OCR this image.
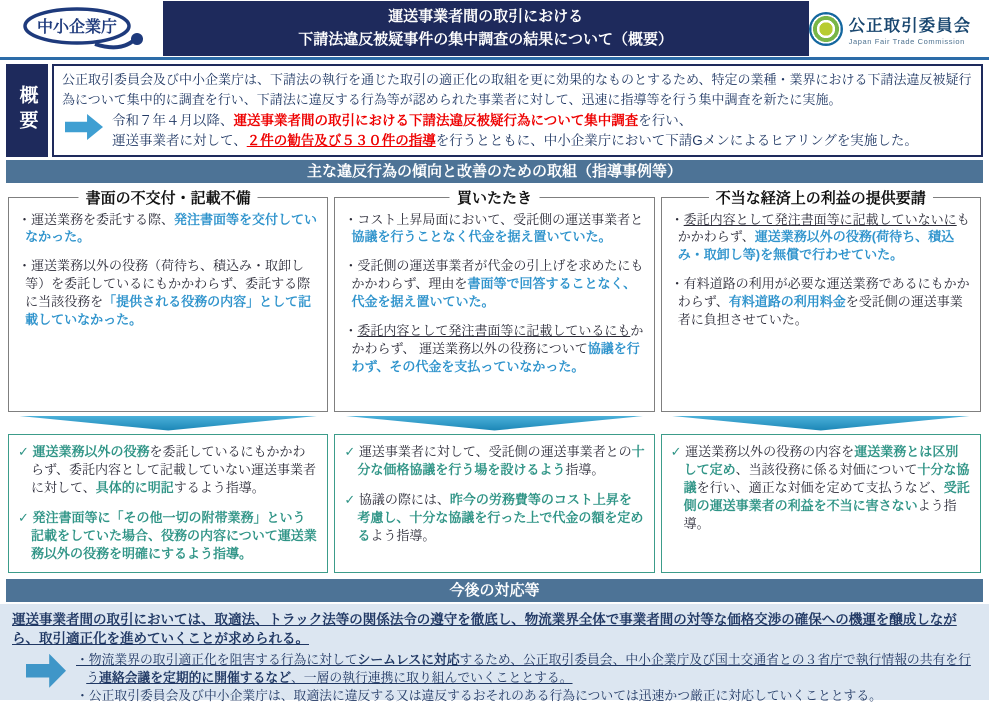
中小企業庁
運送事業者間の取引における
下請法違反被疑事件の集中調査の結果について（概要）
公正取引委員会
Japan Fair Trade Commission
概要

公正取引委員会及び中小企業庁は、下請法の執行を通じた取引の適正化の取組を更に効果的なものとするため、特定の業種・業界における下請法違反被疑行為について集中的に調査を行い、下請法に違反する行為等が認められた事業者に対して、迅速に指導等を行う集中調査を新たに実施。

令和７年４月以降、運送事業者間の取引における下請法違反被疑行為について集中調査を行い、

運送事業者に対して、２件の勧告及び５３０件の指導を行うとともに、中小企業庁において下請Gメンによるヒアリングを実施した。

主な違反行為の傾向と改善のための取組（指導事例等）
書面の不交付・記載不備

・運送業務を委託する際、発注書面等を交付していなかった。

・運送業務以外の役務（荷待ち、積込み・取卸し等）を委託しているにもかかわらず、委託する際に当該役務を「提供される役務の内容」として記載していなかった。

買いたたき

・コスト上昇局面において、受託側の運送事業者と協議を行うことなく代金を据え置いていた。

・受託側の運送事業者が代金の引上げを求めたにもかかわらず、理由を書面等で回答することなく、代金を据え置いていた。

・委託内容として発注書面等に記載しているにもかかわらず、 運送業務以外の役務について協議を行わず、その代金を支払っていなかった。

不当な経済上の利益の提供要請

・委託内容として発注書面等に記載していないにもかかわらず、運送業務以外の役務(荷待ち、積込み・取卸し等)を無償で行わせていた。

・有料道路の利用が必要な運送業務であるにもかかわらず、有料道路の利用料金を受託側の運送事業者に負担させていた。

✓ 運送業務以外の役務を委託しているにもかかわらず、委託内容として記載していない運送事業者に対して、具体的に明記するよう指導。

✓ 発注書面等に「その他一切の附帯業務」という記載をしていた場合、役務の内容について運送業務以外の役務を明確にするよう指導。

✓ 運送事業者に対して、受託側の運送事業者との十分な価格協議を行う場を設けるよう指導。

✓ 協議の際には、昨今の労務費等のコスト上昇を考慮し、十分な協議を行った上で代金の額を定めるよう指導。

✓ 運送業務以外の役務の内容を運送業務とは区別して定め、当該役務に係る対価について十分な協議を行い、適正な対価を定めて支払うなど、受託側の運送事業者の利益を不当に害さないよう指導。

今後の対応等

運送事業者間の取引においては、取適法、トラック法等の関係法令の遵守を徹底し、物流業界全体で事業者間の対等な価格交渉の確保への機運を醸成しながら、取引適正化を進めていくことが求められる。

・物流業界の取引適正化を阻害する行為に対してシームレスに対応するため、公正取引委員会、中小企業庁及び国土交通省との３省庁で執行情報の共有を行う連絡会議を定期的に開催するなど、一層の執行連携に取り組んでいくこととする。

・公正取引委員会及び中小企業庁は、取適法に違反する又は違反するおそれのある行為については迅速かつ厳正に対応していくこととする。
